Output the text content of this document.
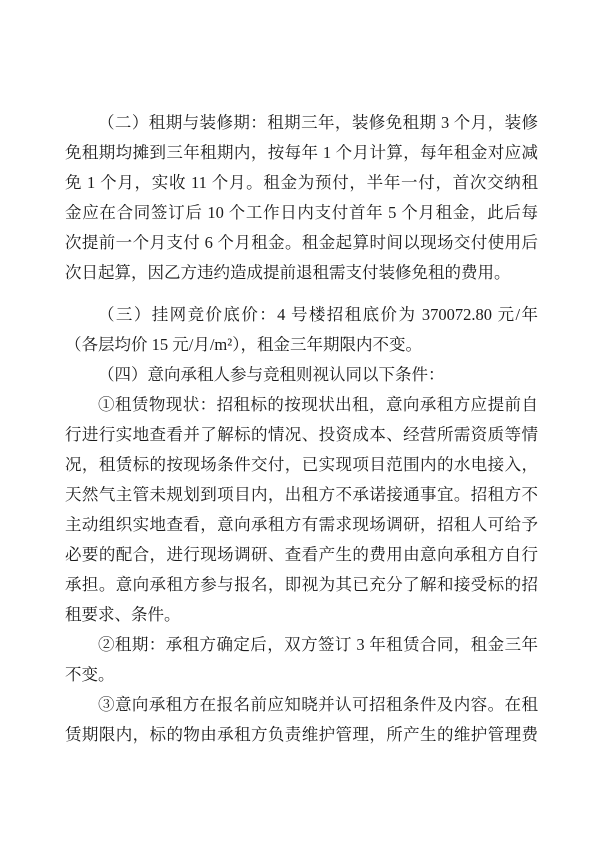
（二）租期与装修期：租期三年，装修免租期 3 个月，装修
免租期均摊到三年租期内，按每年 1 个月计算，每年租金对应减
免 1 个月，实收 11 个月。租金为预付，半年一付，首次交纳租
金应在合同签订后 10 个工作日内支付首年 5 个月租金，此后每
次提前一个月支付 6 个月租金。租金起算时间以现场交付使用后
次日起算，因乙方违约造成提前退租需支付装修免租的费用。
（三）挂网竞价底价：4 号楼招租底价为 370072.80 元/年
（各层均价 15 元/月/m²），租金三年期限内不变。
（四）意向承租人参与竞租则视认同以下条件：
①租赁物现状：招租标的按现状出租，意向承租方应提前自
行进行实地查看并了解标的情况、投资成本、经营所需资质等情
况，租赁标的按现场条件交付，已实现项目范围内的水电接入，
天然气主管未规划到项目内，出租方不承诺接通事宜。招租方不
主动组织实地查看，意向承租方有需求现场调研，招租人可给予
必要的配合，进行现场调研、查看产生的费用由意向承租方自行
承担。意向承租方参与报名，即视为其已充分了解和接受标的招
租要求、条件。
②租期：承租方确定后，双方签订 3 年租赁合同，租金三年
不变。
③意向承租方在报名前应知晓并认可招租条件及内容。在租
赁期限内，标的物由承租方负责维护管理，所产生的维护管理费
